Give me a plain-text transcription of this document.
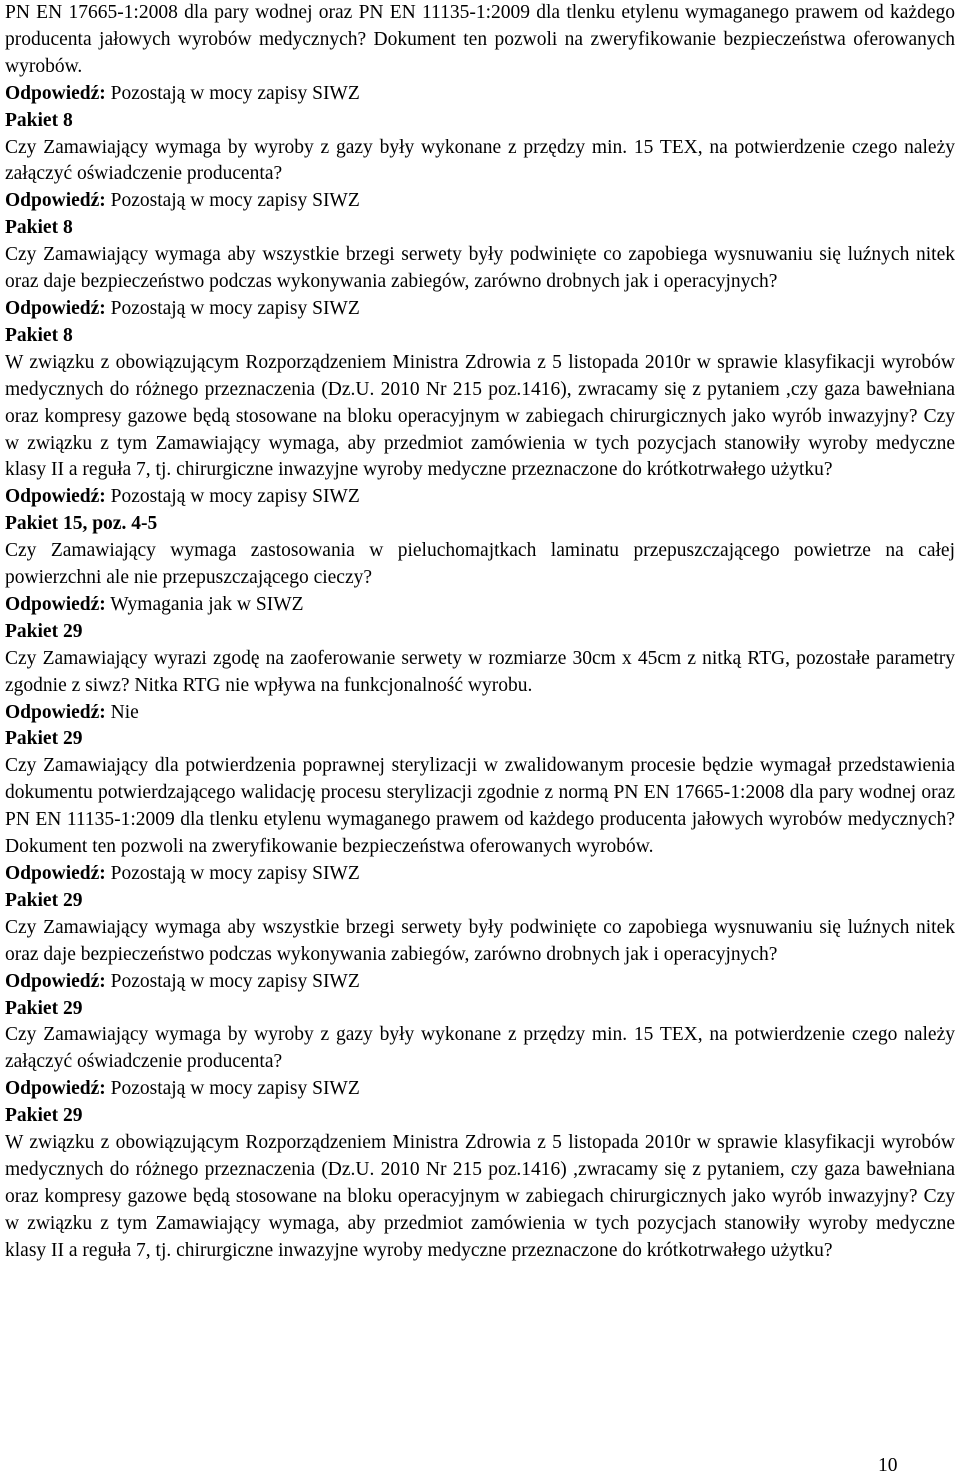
PN EN 17665-1:2008 dla pary wodnej oraz PN EN 11135-1:2009 dla tlenku etylenu wymaganego prawem od każdego producenta jałowych wyrobów medycznych? Dokument ten pozwoli na zweryfikowanie bezpieczeństwa oferowanych wyrobów.
Odpowiedź: Pozostają w mocy zapisy SIWZ
Pakiet 8
Czy Zamawiający wymaga by wyroby z gazy były wykonane z przędzy min. 15 TEX, na potwierdzenie czego należy załączyć oświadczenie producenta?
Odpowiedź: Pozostają w mocy zapisy SIWZ
Pakiet 8
Czy Zamawiający wymaga aby wszystkie brzegi serwety były podwinięte co zapobiega wysnuwaniu się luźnych nitek oraz daje bezpieczeństwo podczas wykonywania zabiegów, zarówno drobnych jak i operacyjnych?
Odpowiedź: Pozostają w mocy zapisy SIWZ
Pakiet 8
W związku z obowiązującym Rozporządzeniem Ministra Zdrowia z 5 listopada 2010r w sprawie klasyfikacji wyrobów medycznych do różnego przeznaczenia (Dz.U. 2010 Nr 215 poz.1416), zwracamy się z pytaniem ,czy gaza bawełniana oraz kompresy gazowe będą stosowane na bloku operacyjnym w zabiegach chirurgicznych jako wyrób inwazyjny? Czy w związku z tym Zamawiający wymaga, aby przedmiot zamówienia w tych pozycjach stanowiły wyroby medyczne klasy II a reguła 7, tj. chirurgiczne inwazyjne wyroby medyczne przeznaczone do krótkotrwałego użytku?
Odpowiedź: Pozostają w mocy zapisy SIWZ
Pakiet 15, poz. 4-5
Czy Zamawiający wymaga zastosowania w pieluchomajtkach laminatu przepuszczającego powietrze na całej powierzchni ale nie przepuszczającego cieczy?
Odpowiedź: Wymagania jak w SIWZ
Pakiet 29
Czy Zamawiający wyrazi zgodę na zaoferowanie serwety w rozmiarze 30cm x 45cm z nitką RTG, pozostałe parametry zgodnie z siwz? Nitka RTG nie wpływa na funkcjonalność wyrobu.
Odpowiedź: Nie
Pakiet 29
Czy Zamawiający dla potwierdzenia poprawnej sterylizacji w zwalidowanym procesie będzie wymagał przedstawienia dokumentu potwierdzającego walidację procesu sterylizacji zgodnie z normą PN EN 17665-1:2008 dla pary wodnej oraz PN EN 11135-1:2009 dla tlenku etylenu wymaganego prawem od każdego producenta jałowych wyrobów medycznych? Dokument ten pozwoli na zweryfikowanie bezpieczeństwa oferowanych wyrobów.
Odpowiedź: Pozostają w mocy zapisy SIWZ
Pakiet 29
Czy Zamawiający wymaga aby wszystkie brzegi serwety były podwinięte co zapobiega wysnuwaniu się luźnych nitek oraz daje bezpieczeństwo podczas wykonywania zabiegów, zarówno drobnych jak i operacyjnych?
Odpowiedź: Pozostają w mocy zapisy SIWZ
Pakiet 29
Czy Zamawiający wymaga by wyroby z gazy były wykonane z przędzy min. 15 TEX, na potwierdzenie czego należy załączyć oświadczenie producenta?
Odpowiedź: Pozostają w mocy zapisy SIWZ
Pakiet 29
W związku z obowiązującym Rozporządzeniem Ministra Zdrowia z 5 listopada 2010r w sprawie klasyfikacji wyrobów medycznych do różnego przeznaczenia (Dz.U. 2010 Nr 215 poz.1416) ,zwracamy się z pytaniem, czy gaza bawełniana oraz kompresy gazowe będą stosowane na bloku operacyjnym w zabiegach chirurgicznych jako wyrób inwazyjny? Czy w związku z tym Zamawiający wymaga, aby przedmiot zamówienia w tych pozycjach stanowiły wyroby medyczne klasy II a reguła 7, tj. chirurgiczne inwazyjne wyroby medyczne przeznaczone do krótkotrwałego użytku?
10
